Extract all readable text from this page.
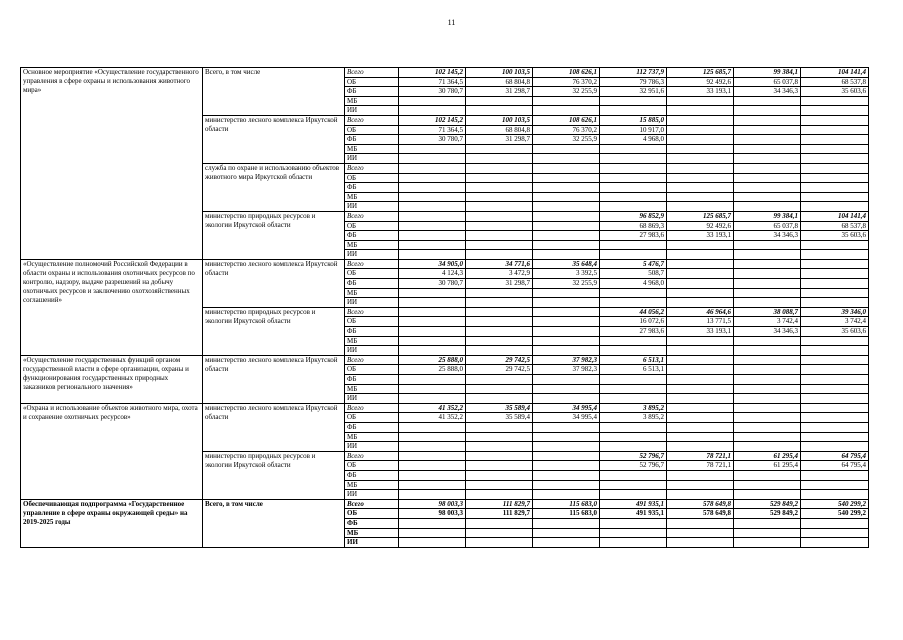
11
Основное мероприятие «Осуществление государственного управления в сфере охраны и использования животного мира»	Всего, в том числе	Всего	102 145,2	100 103,5	108 626,1	112 737,9	125 685,7	99 384,1	104 141,4
		ОБ	71 364,5	68 804,8	76 370,2	79 786,3	92 492,6	65 037,8	68 537,8
		ФБ	30 780,7	31 298,7	32 255,9	32 951,6	33 193,1	34 346,3	35 603,6
		МБ							
		ИИ							
	министерство лесного комплекса Иркутской области	Всего	102 145,2	100 103,5	108 626,1	15 885,0			
		ОБ	71 364,5	68 804,8	76 370,2	10 917,0			
		ФБ	30 780,7	31 298,7	32 255,9	4 968,0			
		МБ							
		ИИ							
	служба по охране и использованию объектов животного мира Иркутской области	Всего							
		ОБ							
		ФБ							
		МБ							
		ИИ							
	министерство природных ресурсов и экологии Иркутской области	Всего				96 852,9	125 685,7	99 384,1	104 141,4
		ОБ				68 869,3	92 492,6	65 037,8	68 537,8
		ФБ				27 983,6	33 193,1	34 346,3	35 603,6
		МБ							
		ИИ							
«Осуществление полномочий Российской Федерации в области охраны и использования охотничьих ресурсов по контролю, надзору, выдаче разрешений на добычу охотничьих ресурсов и заключению охотхозяйственных соглашений»	министерство лесного комплекса Иркутской области	Всего	34 905,0	34 771,6	35 648,4	5 476,7			
		ОБ	4 124,3	3 472,9	3 392,5	508,7			
		ФБ	30 780,7	31 298,7	32 255,9	4 968,0			
		МБ							
		ИИ							
	министерство природных ресурсов и экологии Иркутской области	Всего				44 056,2	46 964,6	38 088,7	39 346,0
		ОБ				16 072,6	13 771,5	3 742,4	3 742,4
		ФБ				27 983,6	33 193,1	34 346,3	35 603,6
		МБ							
		ИИ							
«Осуществление государственных функций органом государственной власти в сфере организации, охраны и функционирования государственных природных заказников регионального значения»	министерство лесного комплекса Иркутской области	Всего	25 888,0	29 742,5	37 982,3	6 513,1			
		ОБ	25 888,0	29 742,5	37 982,3	6 513,1			
		ФБ							
		МБ							
		ИИ							
«Охрана и использование объектов животного мира, охота и сохранение охотничьих ресурсов»	министерство лесного комплекса Иркутской области	Всего	41 352,2	35 589,4	34 995,4	3 895,2			
		ОБ	41 352,2	35 589,4	34 995,4	3 895,2			
		ФБ							
		МБ							
		ИИ							
	министерство природных ресурсов и экологии Иркутской области	Всего				52 796,7	78 721,1	61 295,4	64 795,4
		ОБ				52 796,7	78 721,1	61 295,4	64 795,4
		ФБ							
		МБ							
		ИИ							
Обеспечивающая подпрограмма «Государственное управление в сфере охраны окружающей среды» на 2019-2025 годы	Всего, в том числе	Всего	98 003,3	111 829,7	115 683,0	491 935,1	578 649,8	529 849,2	540 299,2
		ОБ	98 003,3	111 829,7	115 683,0	491 935,1	578 649,8	529 849,2	540 299,2
		ФБ							
		МБ							
		ИИ							
